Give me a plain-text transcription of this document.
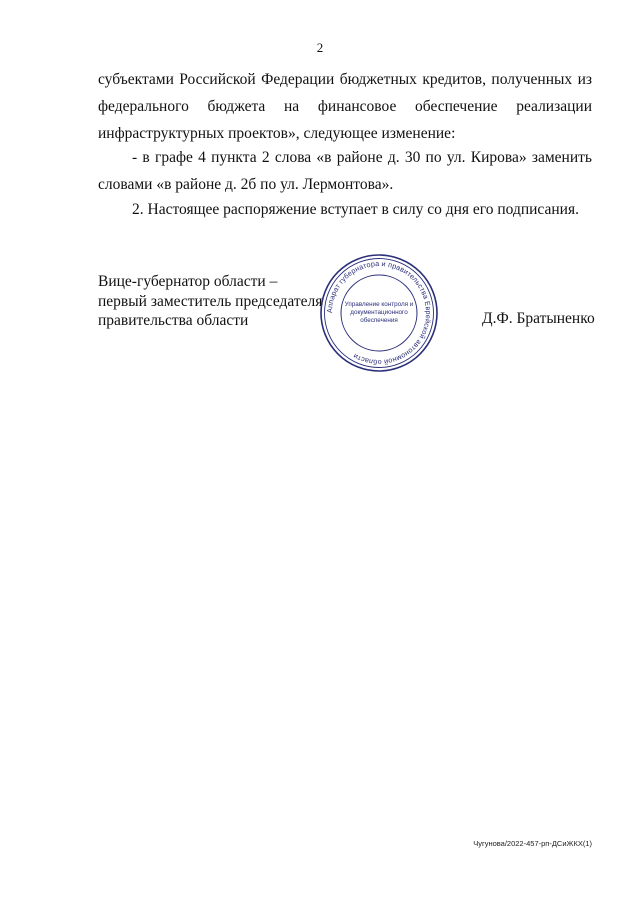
2
субъектами Российской Федерации бюджетных кредитов, полученных из
федерального бюджета на финансовое обеспечение реализации
инфраструктурных проектов», следующее изменение:
- в графе 4 пункта 2 слова «в районе д. 30 по ул. Кирова» заменить
словами «в районе д. 2б по ул. Лермонтова».
2. Настоящее распоряжение вступает в силу со дня его подписания.
Вице-губернатор области –
первый заместитель председателя
правительства области
Аппарат губернатора и правительства Еврейской автономной области
Управление контроля и
документационного
обеспечения	Д.Ф. Братыненко
Чугунова/2022-457-рп-ДСиЖКХ(1)
